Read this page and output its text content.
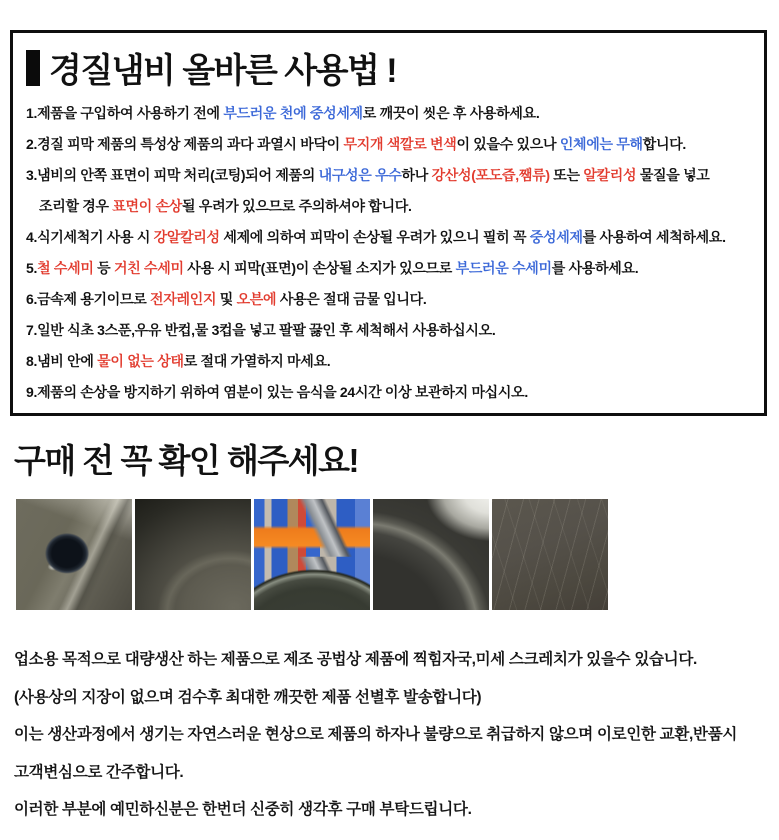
경질냄비 올바른 사용법 !
1.제품을 구입하여 사용하기 전에 부드러운 천에 중성세제로 깨끗이 씻은 후 사용하세요.
2.경질 피막 제품의 특성상 제품의 과다 과열시 바닥이 무지개 색깔로 변색이 있을수 있으나 인체에는 무해합니다.
3.냄비의 안쪽 표면이 피막 처리(코팅)되어 제품의 내구성은 우수하나 강산성(포도즙,쨈류) 또는 알칼리성 물질을 넣고
조리할 경우 표면이 손상될 우려가 있으므로 주의하셔야 합니다.
4.식기세척기 사용 시 강알칼리성 세제에 의하여 피막이 손상될 우려가 있으니 필히 꼭 중성세제를 사용하여 세척하세요.
5.철 수세미 등 거친 수세미 사용 시 피막(표면)이 손상될 소지가 있으므로 부드러운 수세미를 사용하세요.
6.금속제 용기이므로 전자레인지 및 오븐에 사용은 절대 금물 입니다.
7.일반 식초 3스푼,우유 반컵,물 3컵을 넣고 팔팔 끓인 후 세척해서 사용하십시오.
8.냄비 안에 물이 없는 상태로 절대 가열하지 마세요.
9.제품의 손상을 방지하기 위하여 염분이 있는 음식을 24시간 이상 보관하지 마십시오.
구매 전 꼭 확인 해주세요!

업소용 목적으로 대량생산 하는 제품으로 제조 공법상 제품에 찍힘자국,미세 스크레치가 있을수 있습니다.

(사용상의 지장이 없으며 검수후 최대한 깨끗한 제품 선별후 발송합니다)

이는 생산과정에서 생기는 자연스러운 현상으로 제품의 하자나 불량으로 취급하지 않으며 이로인한 교환,반품시

고객변심으로 간주합니다.

이러한 부분에 예민하신분은 한번더 신중히 생각후 구매 부탁드립니다.
